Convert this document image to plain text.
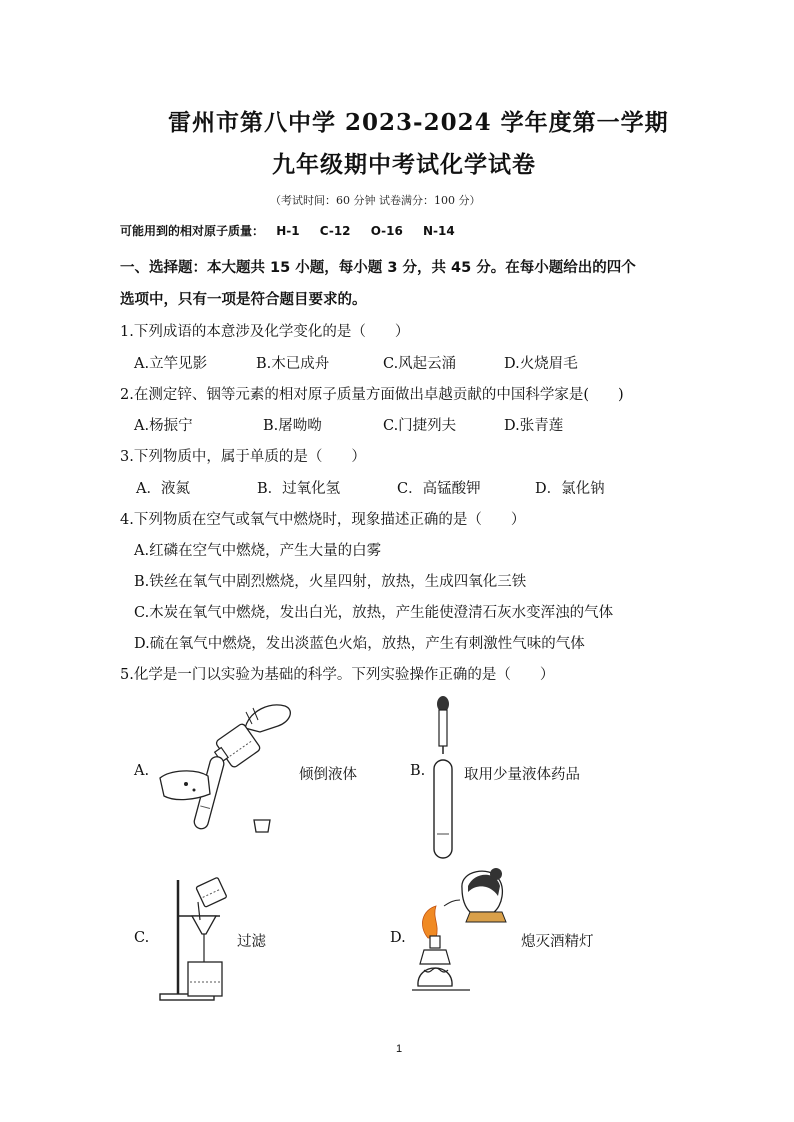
雷州市第八中学 2023-2024 学年度第一学期
九年级期中考试化学试卷
（考试时间：60 分钟 试卷满分：100 分）
可能用到的相对原子质量： H-1 C-12 O-16 N-14
一、选择题：本大题共 15 小题，每小题 3 分，共 45 分。在每小题给出的四个
选项中，只有一项是符合题目要求的。
1.下列成语的本意涉及化学变化的是（　　）
A.立竿见影	B.木已成舟	C.风起云涌	D.火烧眉毛
2.在测定锌、铟等元素的相对原子质量方面做出卓越贡献的中国科学家是(　　)
A.杨振宁	B.屠呦呦	C.门捷列夫	D.张青莲
3.下列物质中，属于单质的是（　　）
A．液氮	B．过氧化氢	C．高锰酸钾	D．氯化钠
4.下列物质在空气或氧气中燃烧时，现象描述正确的是（　　）
A.红磷在空气中燃烧，产生大量的白雾
B.铁丝在氧气中剧烈燃烧，火星四射，放热，生成四氧化三铁
C.木炭在氧气中燃烧，发出白光，放热，产生能使澄清石灰水变浑浊的气体
D.硫在氧气中燃烧，发出淡蓝色火焰，放热，产生有刺激性气味的气体
5.化学是一门以实验为基础的科学。下列实验操作正确的是（　　）
A.	倾倒液体	B.	取用少量液体药品
C.	过滤	D.	熄灭酒精灯
1
